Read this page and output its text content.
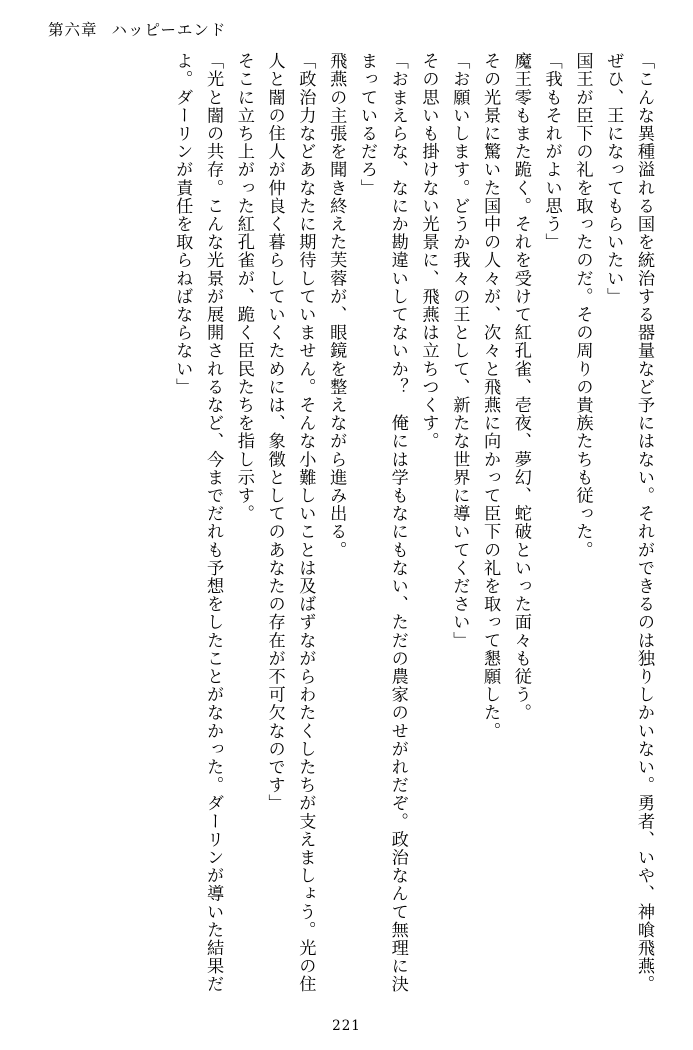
第六章 ハッピーエンド

「こんな異種溢れる国を統治する器量など予にはない。それができるのは独りしかいない。勇者、いや、神喰飛燕。ぜひ、王になってもらいたい」

国王が臣下の礼を取ったのだ。その周りの貴族たちも従った。

「我もそれがよい思う」

魔王零もまた跪く。それを受けて紅孔雀、壱夜、夢幻、蛇破といった面々も従う。

その光景に驚いた国中の人々が、次々と飛燕に向かって臣下の礼を取って懇願した。

「お願いします。どうか我々の王として、新たな世界に導いてください」

その思いも掛けない光景に、飛燕は立ちつくす。

「おまえらな、なにか勘違いしてないか？　俺には学もなにもない、ただの農家のせがれだぞ。政治なんて無理に決まっているだろ」

飛燕の主張を聞き終えた芙蓉が、眼鏡を整えながら進み出る。

「政治力などあなたに期待していません。そんな小難しいことは及ばずながらわたくしたちが支えましょう。光の住人と闇の住人が仲良く暮らしていくためには、象徴としてのあなたの存在が不可欠なのです」

そこに立ち上がった紅孔雀が、跪く臣民たちを指し示す。

「光と闇の共存。こんな光景が展開されるなど、今までだれも予想をしたことがなかった。ダーリンが導いた結果だよ。ダーリンが責任を取らねばならない」

221
